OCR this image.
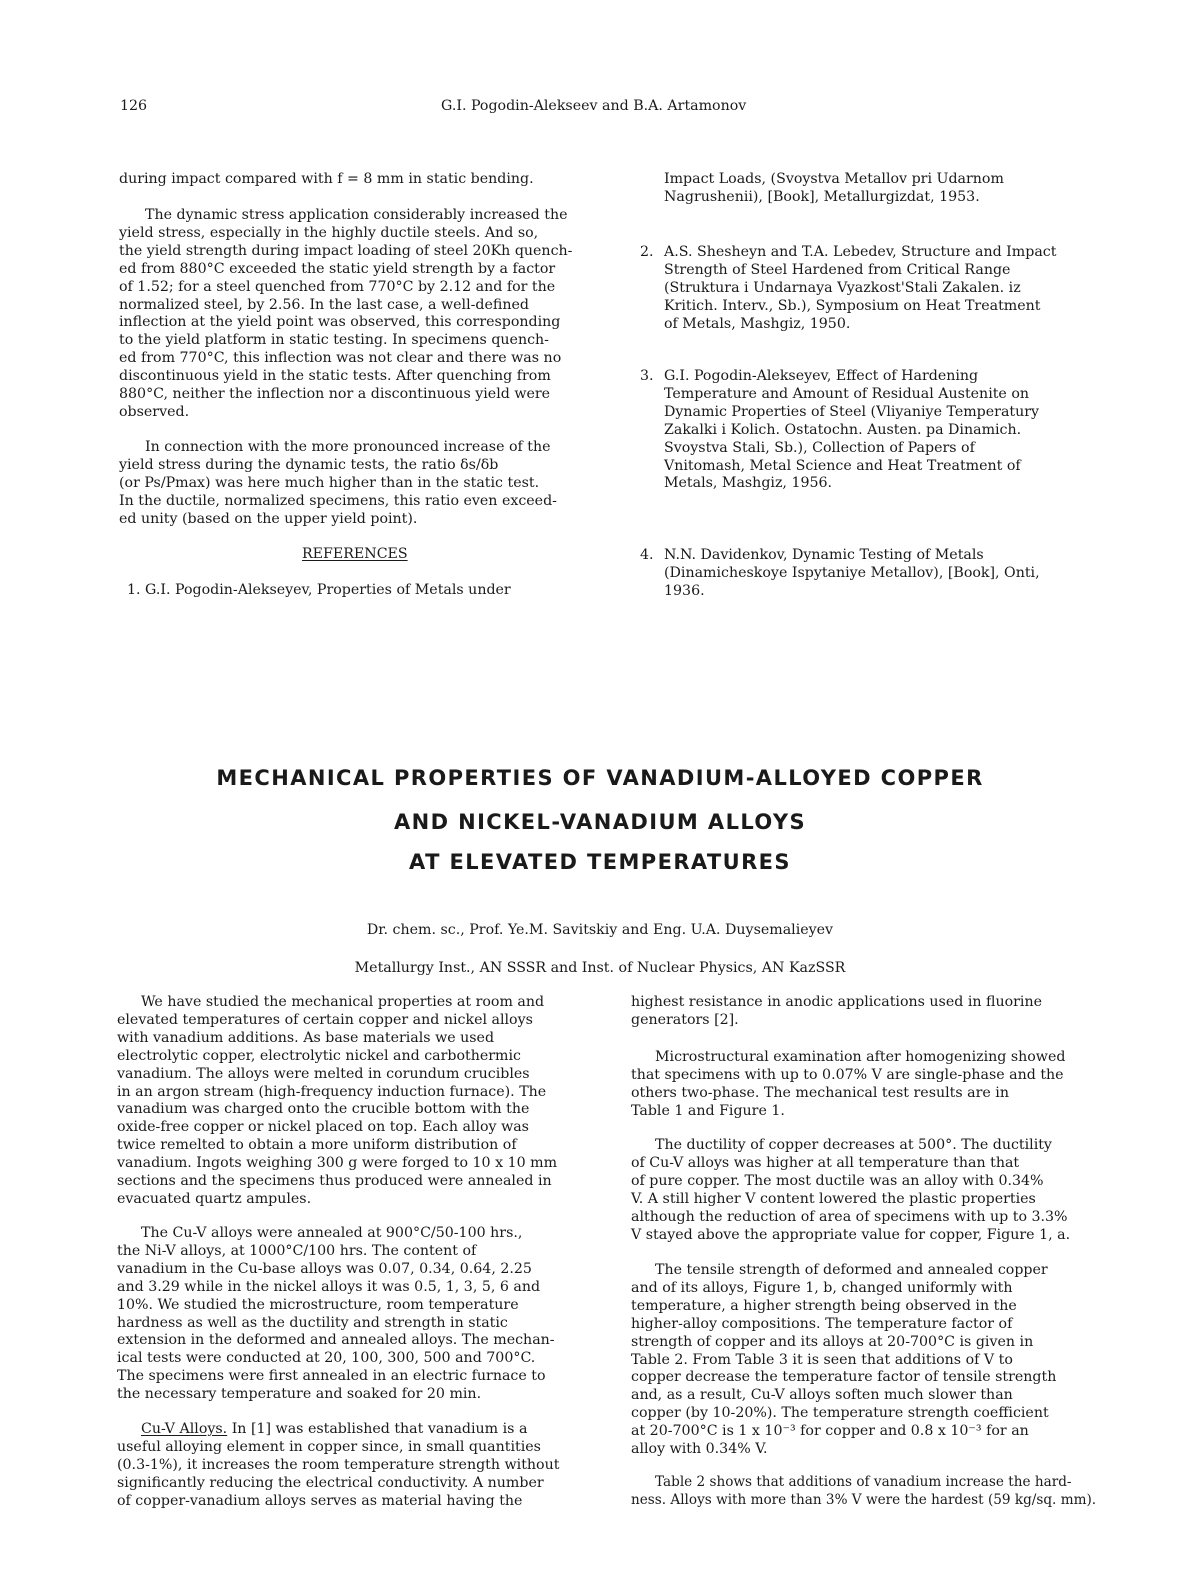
126	G.I. Pogodin-Alekseev and B.A. Artamonov
during impact compared with f = 8 mm in static bending.
The dynamic stress application considerably increased the
yield stress, especially in the highly ductile steels. And so,
the yield strength during impact loading of steel 20Kh quench-
ed from 880°C exceeded the static yield strength by a factor
of 1.52; for a steel quenched from 770°C by 2.12 and for the
normalized steel, by 2.56. In the last case, a well-defined
inflection at the yield point was observed, this corresponding
to the yield platform in static testing. In specimens quench-
ed from 770°C, this inflection was not clear and there was no
discontinuous yield in the static tests. After quenching from
880°C, neither the inflection nor a discontinuous yield were
observed.
In connection with the more pronounced increase of the
yield stress during the dynamic tests, the ratio δs/δb
(or Ps/Pmax) was here much higher than in the static test.
In the ductile, normalized specimens, this ratio even exceed-
ed unity (based on the upper yield point).
REFERENCES
1. G.I. Pogodin-Alekseyev, Properties of Metals under
Impact Loads, (Svoystva Metallov pri Udarnom
Nagrushenii), [Book], Metallurgizdat, 1953.
2. A.S. Shesheyn and T.A. Lebedev, Structure and Impact
Strength of Steel Hardened from Critical Range
(Struktura i Undarnaya Vyazkost'Stali Zakalen. iz
Kritich. Interv., Sb.), Symposium on Heat Treatment
of Metals, Mashgiz, 1950.
3. G.I. Pogodin-Alekseyev, Effect of Hardening
Temperature and Amount of Residual Austenite on
Dynamic Properties of Steel (Vliyaniye Temperatury
Zakalki i Kolich. Ostatochn. Austen. pa Dinamich.
Svoystva Stali, Sb.), Collection of Papers of
Vnitomash, Metal Science and Heat Treatment of
Metals, Mashgiz, 1956.
4. N.N. Davidenkov, Dynamic Testing of Metals
(Dinamicheskoye Ispytaniye Metallov), [Book], Onti,
1936.
MECHANICAL PROPERTIES OF VANADIUM-ALLOYED COPPER
AND NICKEL-VANADIUM ALLOYS
AT ELEVATED TEMPERATURES
Dr. chem. sc., Prof. Ye.M. Savitskiy and Eng. U.A. Duysemalieyev
Metallurgy Inst., AN SSSR and Inst. of Nuclear Physics, AN KazSSR
We have studied the mechanical properties at room and
elevated temperatures of certain copper and nickel alloys
with vanadium additions. As base materials we used
electrolytic copper, electrolytic nickel and carbothermic
vanadium. The alloys were melted in corundum crucibles
in an argon stream (high-frequency induction furnace). The
vanadium was charged onto the crucible bottom with the
oxide-free copper or nickel placed on top. Each alloy was
twice remelted to obtain a more uniform distribution of
vanadium. Ingots weighing 300 g were forged to 10 x 10 mm
sections and the specimens thus produced were annealed in
evacuated quartz ampules.
The Cu-V alloys were annealed at 900°C/50-100 hrs.,
the Ni-V alloys, at 1000°C/100 hrs. The content of
vanadium in the Cu-base alloys was 0.07, 0.34, 0.64, 2.25
and 3.29 while in the nickel alloys it was 0.5, 1, 3, 5, 6 and
10%. We studied the microstructure, room temperature
hardness as well as the ductility and strength in static
extension in the deformed and annealed alloys. The mechan-
ical tests were conducted at 20, 100, 300, 500 and 700°C.
The specimens were first annealed in an electric furnace to
the necessary temperature and soaked for 20 min.
Cu-V Alloys. In [1] was established that vanadium is a
useful alloying element in copper since, in small quantities
(0.3-1%), it increases the room temperature strength without
significantly reducing the electrical conductivity. A number
of copper-vanadium alloys serves as material having the
highest resistance in anodic applications used in fluorine
generators [2].
Microstructural examination after homogenizing showed
that specimens with up to 0.07% V are single-phase and the
others two-phase. The mechanical test results are in
Table 1 and Figure 1.
The ductility of copper decreases at 500°. The ductility
of Cu-V alloys was higher at all temperature than that
of pure copper. The most ductile was an alloy with 0.34%
V. A still higher V content lowered the plastic properties
although the reduction of area of specimens with up to 3.3%
V stayed above the appropriate value for copper, Figure 1, a.
The tensile strength of deformed and annealed copper
and of its alloys, Figure 1, b, changed uniformly with
temperature, a higher strength being observed in the
higher-alloy compositions. The temperature factor of
strength of copper and its alloys at 20-700°C is given in
Table 2. From Table 3 it is seen that additions of V to
copper decrease the temperature factor of tensile strength
and, as a result, Cu-V alloys soften much slower than
copper (by 10-20%). The temperature strength coefficient
at 20-700°C is 1 x 10⁻³ for copper and 0.8 x 10⁻³ for an
alloy with 0.34% V.
Table 2 shows that additions of vanadium increase the hard-
ness. Alloys with more than 3% V were the hardest (59 kg/sq. mm).
